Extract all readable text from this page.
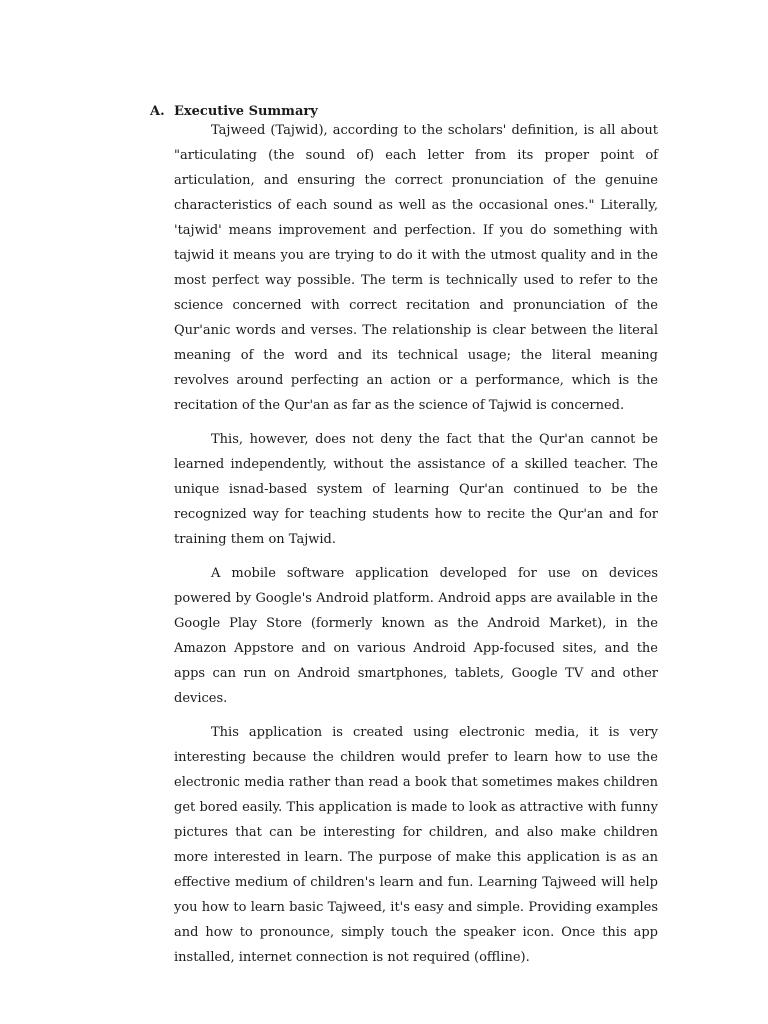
A. Executive Summary

Tajweed (Tajwid), according to the scholars' definition, is all about "articulating (the sound of) each letter from its proper point of articulation, and ensuring the correct pronunciation of the genuine characteristics of each sound as well as the occasional ones." Literally, 'tajwid' means improvement and perfection. If you do something with tajwid it means you are trying to do it with the utmost quality and in the most perfect way possible. The term is technically used to refer to the science concerned with correct recitation and pronunciation of the Qur'anic words and verses. The relationship is clear between the literal meaning of the word and its technical usage; the literal meaning revolves around perfecting an action or a performance, which is the recitation of the Qur'an as far as the science of Tajwid is concerned.

This, however, does not deny the fact that the Qur'an cannot be learned independently, without the assistance of a skilled teacher. The unique isnad-based system of learning Qur'an continued to be the recognized way for teaching students how to recite the Qur'an and for training them on Tajwid.

A mobile software application developed for use on devices powered by Google's Android platform. Android apps are available in the Google Play Store (formerly known as the Android Market), in the Amazon Appstore and on various Android App-focused sites, and the apps can run on Android smartphones, tablets, Google TV and other devices.

This application is created using electronic media, it is very interesting because the children would prefer to learn how to use the electronic media rather than read a book that sometimes makes children get bored easily. This application is made to look as attractive with funny pictures that can be interesting for children, and also make children more interested in learn. The purpose of make this application is as an effective medium of children's learn and fun. Learning Tajweed will help you how to learn basic Tajweed, it's easy and simple. Providing examples and how to pronounce, simply touch the speaker icon. Once this app installed, internet connection is not required (offline).
